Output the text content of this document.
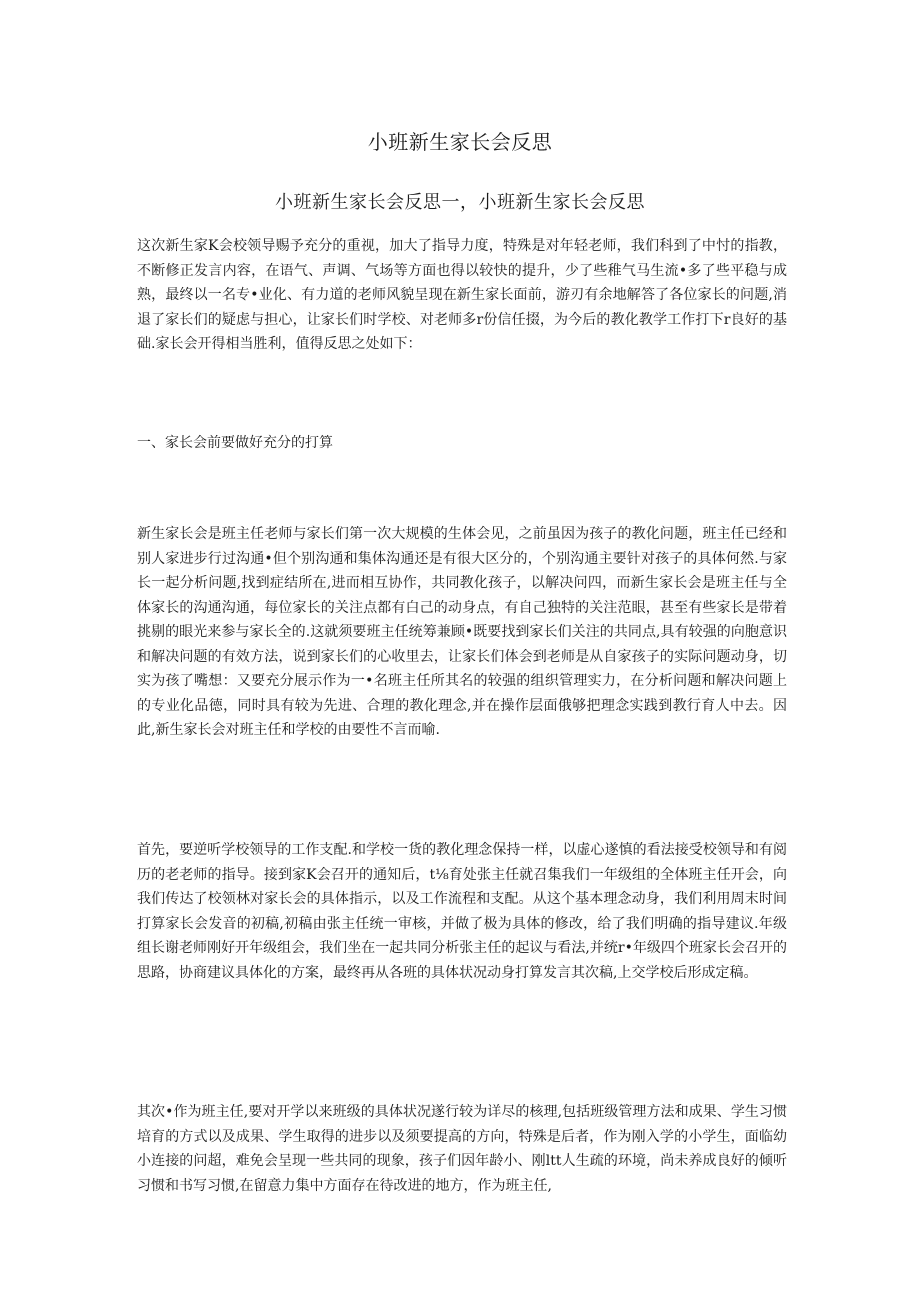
小班新生家长会反思
小班新生家长会反思一，小班新生家长会反思

这次新生家K会校领导赐予充分的重视，加大了指导力度，特殊是对年轻老师，我们科到了中忖的指教，不断修正发言内容，在语气、声调、气场等方面也得以较快的提升，少了些稚气马生流•多了些平稳与成熟，最终以一名专•业化、有力道的老师风貌呈现在新生家长面前，游刃有余地解答了各位家长的问题,消退了家长们的疑虑与担心，让家长们时学校、对老师多r份信任掇，为今后的教化教学工作打下r良好的基础.家长会开得相当胜利，值得反思之处如下：

一、家长会前要做好充分的打算

新生家长会是班主任老师与家长们第一次大规模的生体会见，之前虽因为孩子的教化问题，班主任已经和别人家进步行过沟通•但个别沟通和集体沟通还是有很大区分的，个别沟通主要针对孩子的具体何然.与家长一起分析问题,找到症结所在,进而相互协作，共同教化孩子，以解决问四，而新生家长会是班主任与全体家长的沟通沟通，每位家长的关注点都有白己的动身点，有自己独特的关注范眼，甚至有些家长是带着挑剔的眼光来参与家长全的.这就须要班主任统筹兼顾•既要找到家长们关注的共同点,具有较强的向胞意识和解决问题的有效方法，说到家长们的心收里去，让家长们体会到老师是从自家孩子的实际问题动身，切实为孩了嘴想：又要充分展示作为一•名班主任所其名的较强的组织管理实力，在分析问题和解决问题上的专业化品德，同时具有较为先进、合理的教化理念,并在操作层面俄够把理念实践到教行育人中去。因此,新生家长会对班主任和学校的由要性不言而喻.

首先，要逆听学校领导的工作支配.和学校一货的教化理念保持一样，以虚心遂慎的看法接受校领导和有阅历的老老师的指导。接到家K会召开的通知后，t⅛育处张主任就召集我们一年级组的全体班主任开会，向我们传达了校领林对家长会的具体指示，以及工作流程和支配。从这个基本理念动身，我们利用周末时间打算家长会发音的初稿,初稿由张主任统一审核，并做了极为具体的修改，给了我们明确的指导建议.年级组长谢老师刚好开年级组会，我们坐在一起共同分析张主任的起议与看法,并统r•年级四个班家长会召开的思路，协商建议具体化的方案，最终再从各班的具体状况动身打算发言其次稿,上交学校后形成定稿。

其次•作为班主任,要对开学以来班级的具体状况遂行较为详尽的核理,包括班级管理方法和成果、学生习惯培育的方式以及成果、学生取得的进步以及须要提高的方向，特殊是后者，作为刚入学的小学生，面临幼小连接的问超，难免会呈现一些共同的现象，孩子们因年龄小、刚ltt人生疏的环境，尚未养成良好的倾听习惯和书写习惯,在留意力集中方面存在待改进的地方，作为班主任,
